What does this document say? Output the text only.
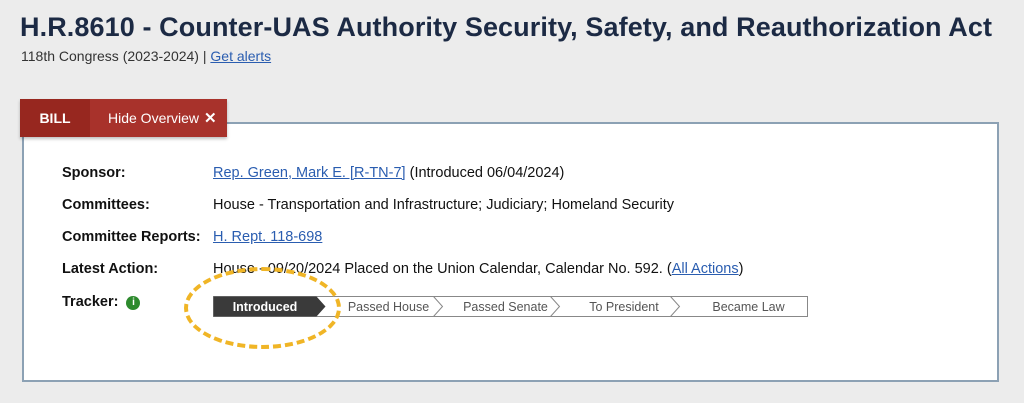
H.R.8610 - Counter-UAS Authority Security, Safety, and Reauthorization Act
118th Congress (2023-2024) | Get alerts
BILL	Hide Overview ✕
Sponsor:	Rep. Green, Mark E. [R-TN-7] (Introduced 06/04/2024)
Committees:	House - Transportation and Infrastructure; Judiciary; Homeland Security
Committee Reports: H. Rept. 118-698
Latest Action:	House - 09/20/2024 Placed on the Union Calendar, Calendar No. 592. (All Actions)
Tracker: i	Introduced	Passed House	Passed Senate	To President	Became Law
